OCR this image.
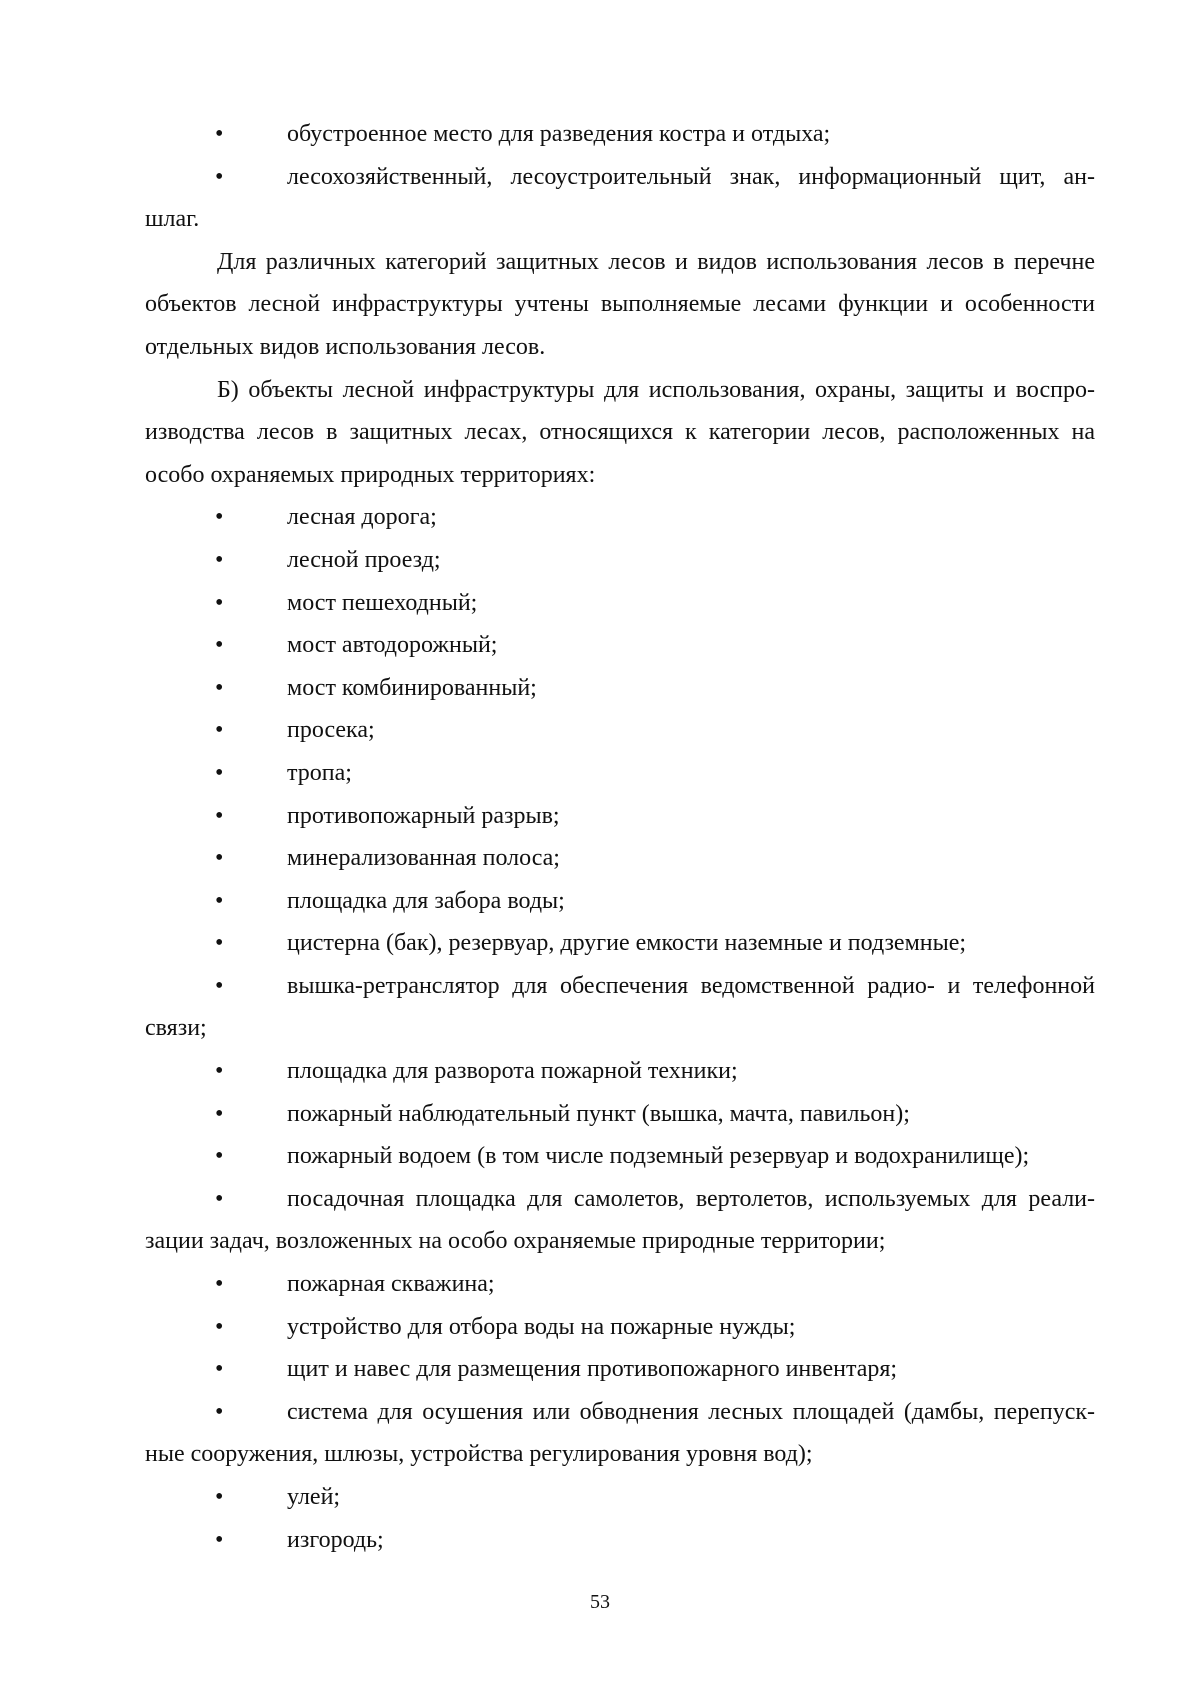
•	обустроенное место для разведения костра и отдыха;
•	лесохозяйственный, лесоустроительный знак, информационный щит, ан-
шлаг.

Для различных категорий защитных лесов и видов использования лесов в перечне объектов лесной инфраструктуры учтены выполняемые лесами функции и особенности отдельных видов использования лесов.

Б) объекты лесной инфраструктуры для использования, охраны, защиты и воспро-изводства лесов в защитных лесах, относящихся к категории лесов, расположенных на особо охраняемых природных территориях:

•	лесная дорога;
•	лесной проезд;
•	мост пешеходный;
•	мост автодорожный;
•	мост комбинированный;
•	просека;
•	тропа;
•	противопожарный разрыв;
•	минерализованная полоса;
•	площадка для забора воды;
•	цистерна (бак), резервуар, другие емкости наземные и подземные;
•	вышка-ретранслятор для обеспечения ведомственной радио- и телефонной
связи;
•	площадка для разворота пожарной техники;
•	пожарный наблюдательный пункт (вышка, мачта, павильон);
•	пожарный водоем (в том числе подземный резервуар и водохранилище);
•	посадочная площадка для самолетов, вертолетов, используемых для реали-
зации задач, возложенных на особо охраняемые природные территории;
•	пожарная скважина;
•	устройство для отбора воды на пожарные нужды;
•	щит и навес для размещения противопожарного инвентаря;
•	система для осушения или обводнения лесных площадей (дамбы, перепуск-
ные сооружения, шлюзы, устройства регулирования уровня вод);
•	улей;
•	изгородь;
53
